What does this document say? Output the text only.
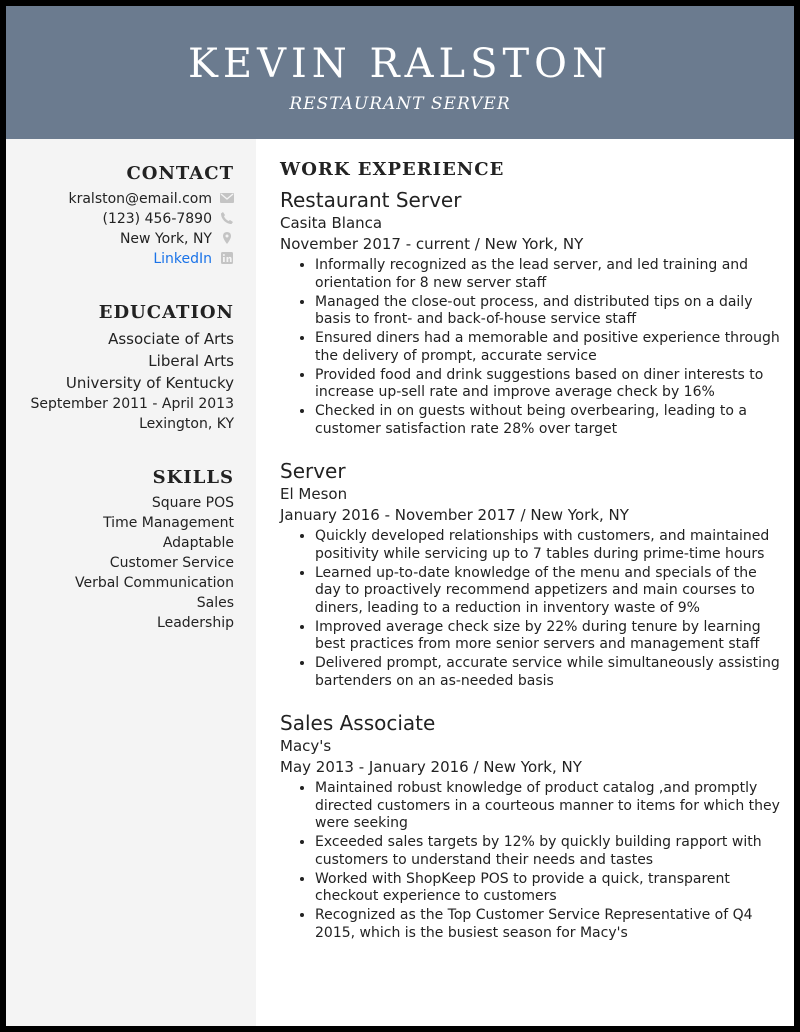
KEVIN RALSTON
RESTAURANT SERVER
CONTACT
kralston@email.com
(123) 456-7890
New York, NY
LinkedIn
EDUCATION
Associate of Arts
Liberal Arts
University of Kentucky
September 2011 - April 2013
Lexington, KY
SKILLS
Square POS
Time Management
Adaptable
Customer Service
Verbal Communication
Sales
Leadership
WORK EXPERIENCE
Restaurant Server
Casita Blanca
November 2017 - current / New York, NY
• Informally recognized as the lead server, and led training and orientation for 8 new server staff
• Managed the close-out process, and distributed tips on a daily basis to front- and back-of-house service staff
• Ensured diners had a memorable and positive experience through the delivery of prompt, accurate service
• Provided food and drink suggestions based on diner interests to increase up-sell rate and improve average check by 16%
• Checked in on guests without being overbearing, leading to a customer satisfaction rate 28% over target
Server
El Meson
January 2016 - November 2017 / New York, NY
• Quickly developed relationships with customers, and maintained positivity while servicing up to 7 tables during prime-time hours
• Learned up-to-date knowledge of the menu and specials of the day to proactively recommend appetizers and main courses to diners, leading to a reduction in inventory waste of 9%
• Improved average check size by 22% during tenure by learning best practices from more senior servers and management staff
• Delivered prompt, accurate service while simultaneously assisting bartenders on an as-needed basis
Sales Associate
Macy's
May 2013 - January 2016 / New York, NY
• Maintained robust knowledge of product catalog ,and promptly directed customers in a courteous manner to items for which they were seeking
• Exceeded sales targets by 12% by quickly building rapport with customers to understand their needs and tastes
• Worked with ShopKeep POS to provide a quick, transparent checkout experience to customers
• Recognized as the Top Customer Service Representative of Q4 2015, which is the busiest season for Macy's
